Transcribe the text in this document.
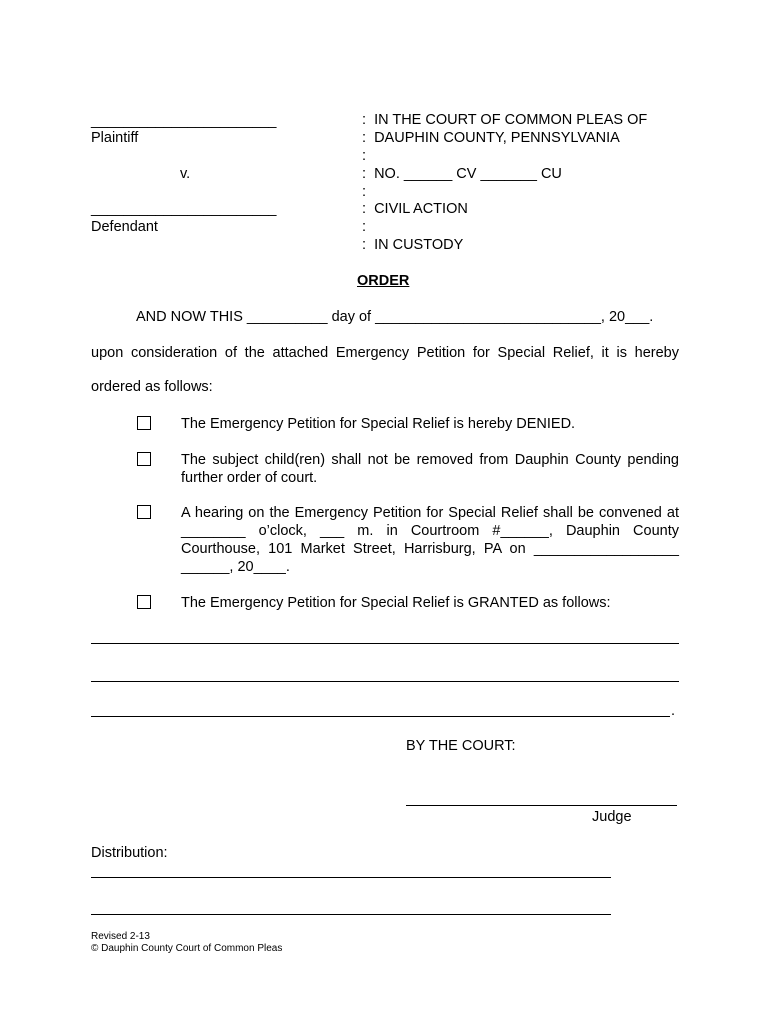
_______________________
Plaintiff
v.
_______________________
Defendant
:  IN THE COURT OF COMMON PLEAS OF
:  DAUPHIN COUNTY, PENNSYLVANIA
:
:  NO. ______ CV _______ CU
:
:  CIVIL ACTION
:
:  IN CUSTODY
ORDER
AND NOW THIS __________ day of ____________________________, 20___.
upon consideration of the attached Emergency Petition for Special Relief, it is hereby
ordered as follows:
The Emergency Petition for Special Relief is hereby DENIED.
The subject child(ren) shall not be removed from Dauphin County pending further order of court.
A hearing on the Emergency Petition for Special Relief shall be convened at ________ o’clock, ___ m. in Courtroom #______, Dauphin County Courthouse, 101 Market Street, Harrisburg, PA on __________________ ______, 20____.
The Emergency Petition for Special Relief is GRANTED as follows:
.
BY THE COURT:
Judge
Distribution:
Revised 2-13
© Dauphin County Court of Common Pleas
